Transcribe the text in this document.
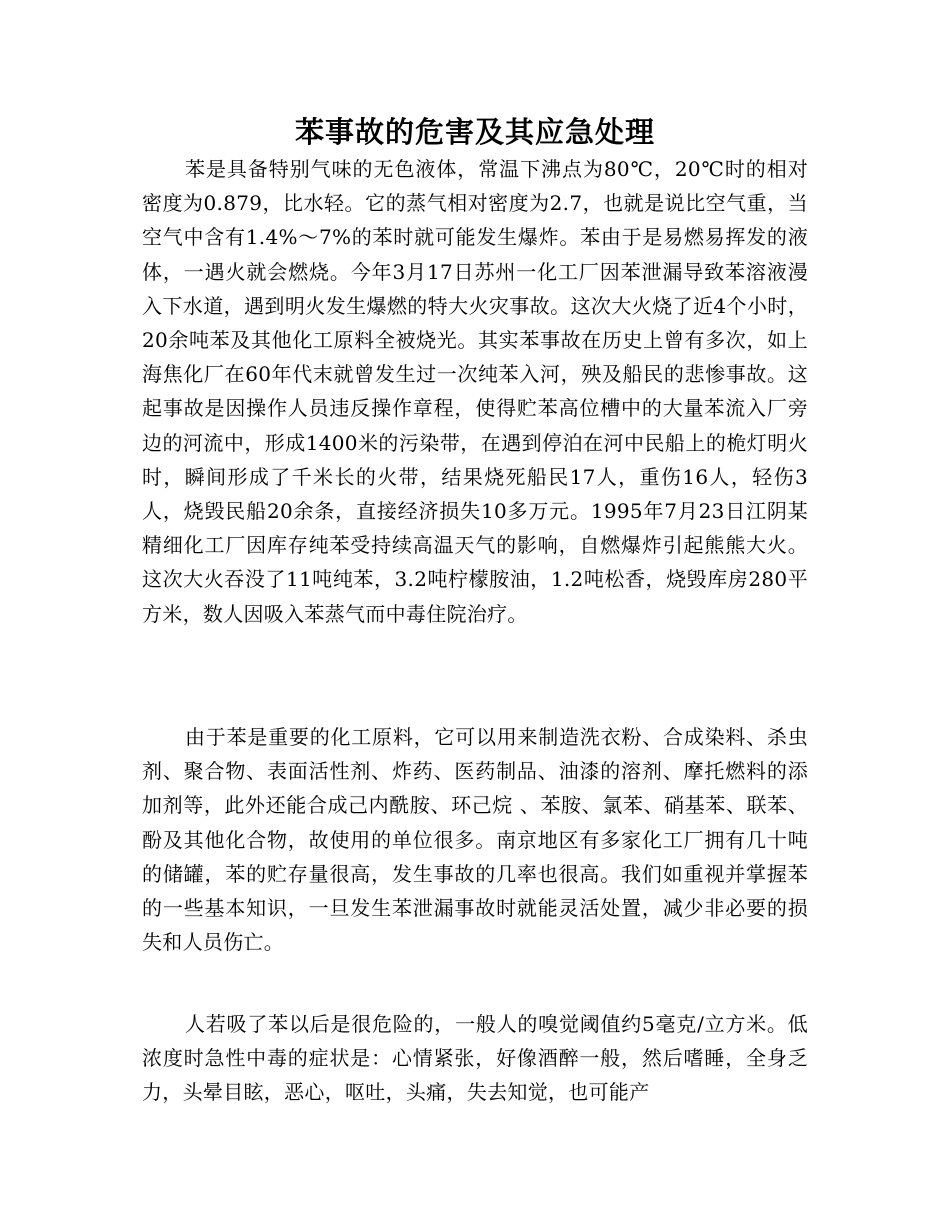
苯事故的危害及其应急处理

苯是具备特别气味的无色液体，常温下沸点为80℃，20℃时的相对密度为0.879，比水轻。它的蒸气相对密度为2.7，也就是说比空气重，当空气中含有1.4%～7%的苯时就可能发生爆炸。苯由于是易燃易挥发的液体，一遇火就会燃烧。今年3月17日苏州一化工厂因苯泄漏导致苯溶液漫入下水道，遇到明火发生爆燃的特大火灾事故。这次大火烧了近4个小时，20余吨苯及其他化工原料全被烧光。其实苯事故在历史上曾有多次，如上海焦化厂在60年代末就曾发生过一次纯苯入河，殃及船民的悲惨事故。这起事故是因操作人员违反操作章程，使得贮苯高位槽中的大量苯流入厂旁边的河流中，形成1400米的污染带，在遇到停泊在河中民船上的桅灯明火时，瞬间形成了千米长的火带，结果烧死船民17人，重伤16人，轻伤3人，烧毁民船20余条，直接经济损失10多万元。1995年7月23日江阴某精细化工厂因库存纯苯受持续高温天气的影响，自燃爆炸引起熊熊大火。这次大火吞没了11吨纯苯，3.2吨柠檬胺油，1.2吨松香，烧毁库房280平方米，数人因吸入苯蒸气而中毒住院治疗。

由于苯是重要的化工原料，它可以用来制造洗衣粉、合成染料、杀虫剂、聚合物、表面活性剂、炸药、医药制品、油漆的溶剂、摩托燃料的添加剂等，此外还能合成己内酰胺、环己烷 、苯胺、氯苯、硝基苯、联苯、酚及其他化合物，故使用的单位很多。南京地区有多家化工厂拥有几十吨的储罐，苯的贮存量很高，发生事故的几率也很高。我们如重视并掌握苯的一些基本知识，一旦发生苯泄漏事故时就能灵活处置，减少非必要的损失和人员伤亡。

人若吸了苯以后是很危险的，一般人的嗅觉阈值约5毫克/立方米。低浓度时急性中毒的症状是：心情紧张，好像酒醉一般，然后嗜睡，全身乏力，头晕目眩，恶心，呕吐，头痛，失去知觉，也可能产
